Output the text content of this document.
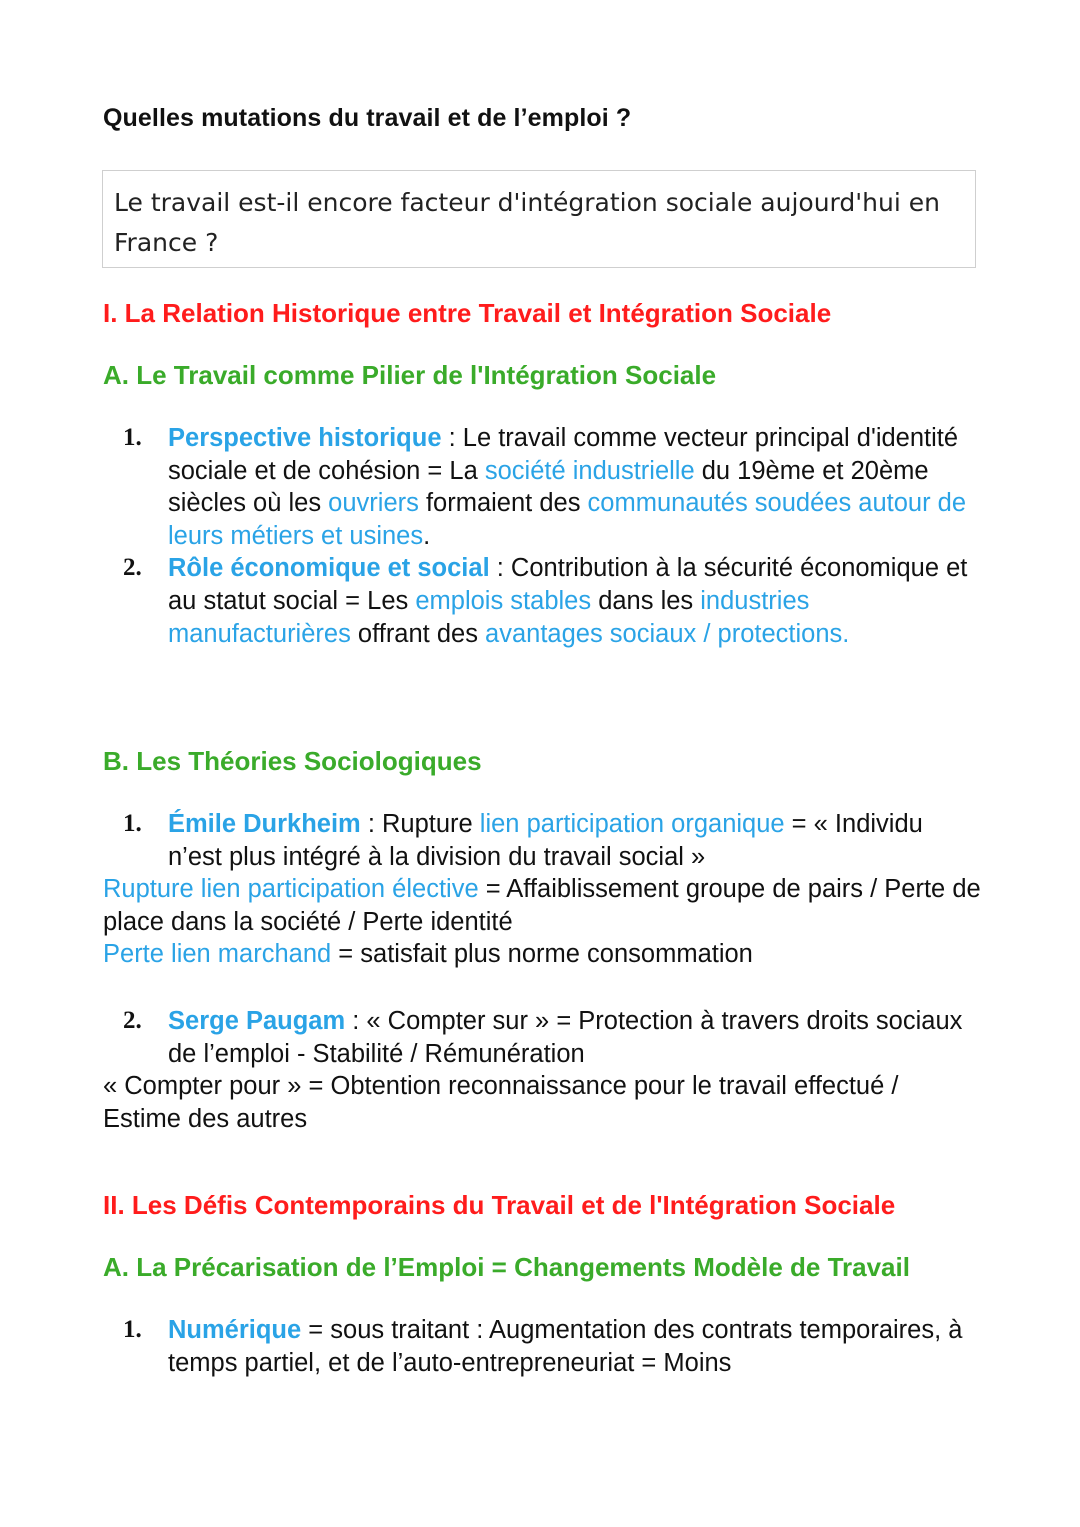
Quelles mutations du travail et de l’emploi ?
Le travail est-il encore facteur d'intégration sociale aujourd'hui en France ?
I. La Relation Historique entre Travail et Intégration Sociale
A. Le Travail comme Pilier de l'Intégration Sociale
1. Perspective historique : Le travail comme vecteur principal d'identité sociale et de cohésion = La société industrielle du 19ème et 20ème siècles où les ouvriers formaient des communautés soudées autour de leurs métiers et usines.
2. Rôle économique et social : Contribution à la sécurité économique et au statut social = Les emplois stables dans les industries manufacturières offrant des avantages sociaux / protections.
B. Les Théories Sociologiques
1. Émile Durkheim : Rupture lien participation organique = « Individu n’est plus intégré à la division du travail social »
Rupture lien participation élective = Affaiblissement groupe de pairs / Perte de place dans la société / Perte identité
Perte lien marchand = satisfait plus norme consommation
2. Serge Paugam : « Compter sur » = Protection à travers droits sociaux de l’emploi - Stabilité / Rémunération
« Compter pour » = Obtention reconnaissance pour le travail effectué / Estime des autres
II. Les Défis Contemporains du Travail et de l'Intégration Sociale
A. La Précarisation de l’Emploi = Changements Modèle de Travail
1. Numérique = sous traitant : Augmentation des contrats temporaires, à temps partiel, et de l’auto-entrepreneuriat = Moins
